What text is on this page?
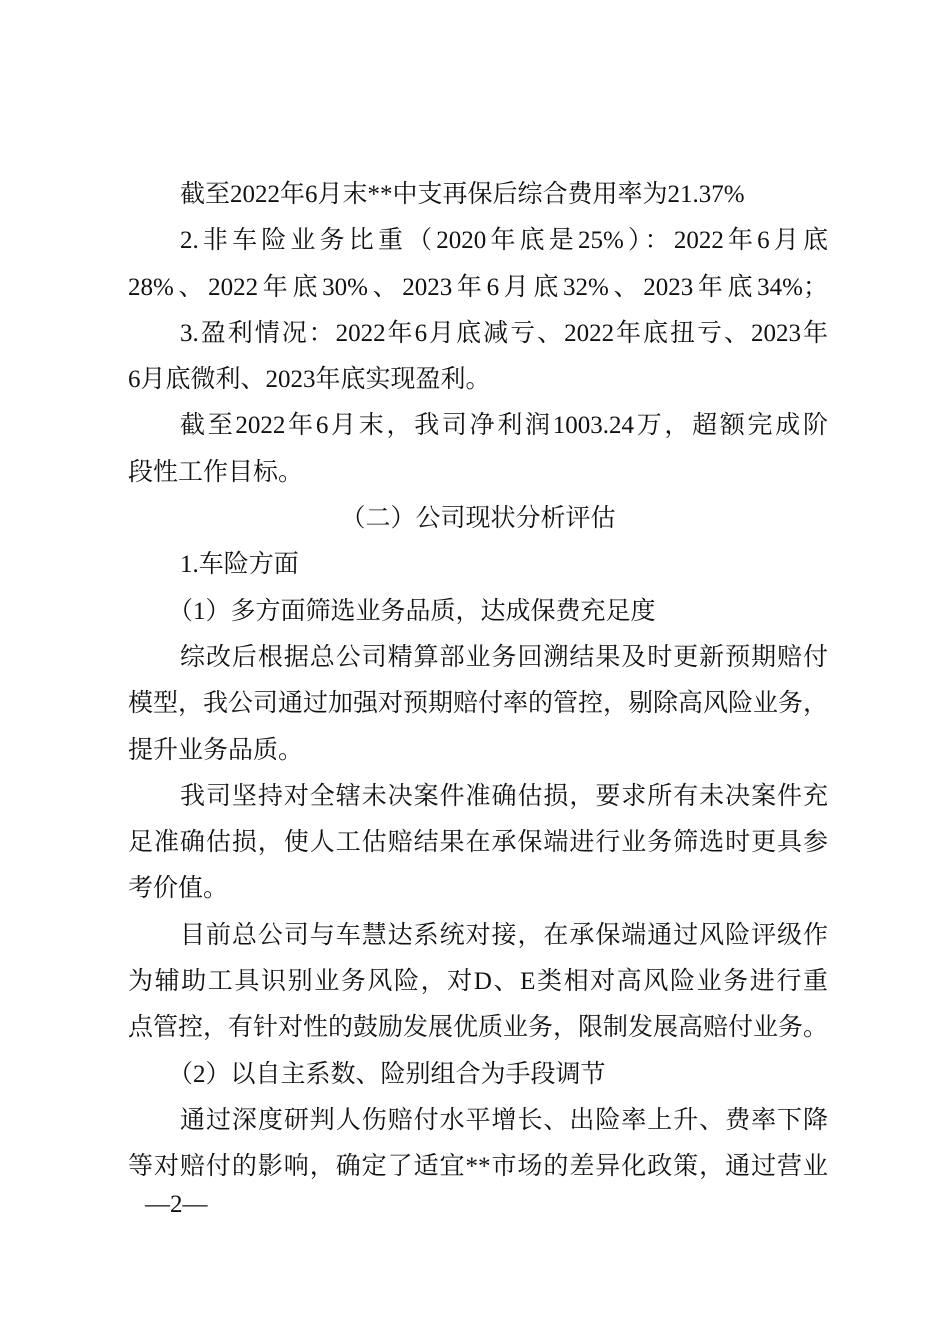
截至2022年6月末**中支再保后综合费用率为21.37%
2.非车险业务比重（2020年底是25%）：2022年6月底
28%、2022年底30%、2023年6月底32%、2023年底34%；
3.盈利情况：2022年6月底减亏、2022年底扭亏、2023年
6月底微利、2023年底实现盈利。
截至2022年6月末，我司净利润1003.24万，超额完成阶
段性工作目标。
（二）公司现状分析评估
1.车险方面
（1）多方面筛选业务品质，达成保费充足度
综改后根据总公司精算部业务回溯结果及时更新预期赔付
模型，我公司通过加强对预期赔付率的管控，剔除高风险业务，
提升业务品质。
我司坚持对全辖未决案件准确估损，要求所有未决案件充
足准确估损，使人工估赔结果在承保端进行业务筛选时更具参
考价值。
目前总公司与车慧达系统对接，在承保端通过风险评级作
为辅助工具识别业务风险，对D、E类相对高风险业务进行重
点管控，有针对性的鼓励发展优质业务，限制发展高赔付业务。
（2）以自主系数、险别组合为手段调节
通过深度研判人伤赔付水平增长、出险率上升、费率下降
等对赔付的影响，确定了适宜**市场的差异化政策，通过营业
—2—
